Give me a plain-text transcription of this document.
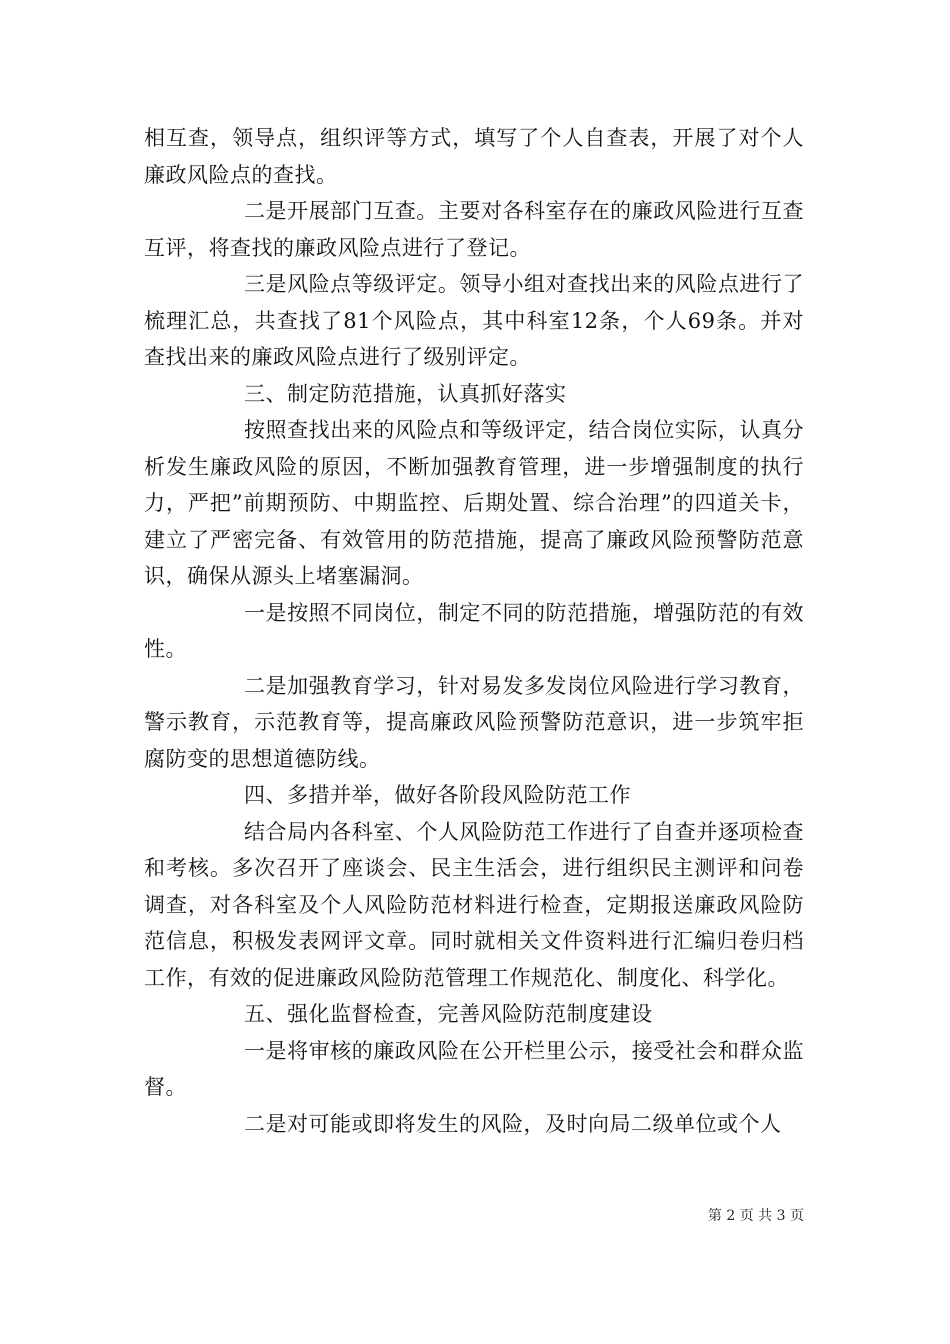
相互查，领导点，组织评等方式，填写了个人自查表，开展了对个人廉政风险点的查找。

二是开展部门互查。主要对各科室存在的廉政风险进行互查互评，将查找的廉政风险点进行了登记。

三是风险点等级评定。领导小组对查找出来的风险点进行了梳理汇总，共查找了81个风险点，其中科室12条，个人69条。并对查找出来的廉政风险点进行了级别评定。

三、制定防范措施，认真抓好落实

按照查找出来的风险点和等级评定，结合岗位实际，认真分析发生廉政风险的原因，不断加强教育管理，进一步增强制度的执行力，严把”前期预防、中期监控、后期处置、综合治理”的四道关卡，建立了严密完备、有效管用的防范措施，提高了廉政风险预警防范意识，确保从源头上堵塞漏洞。

一是按照不同岗位，制定不同的防范措施，增强防范的有效性。

二是加强教育学习，针对易发多发岗位风险进行学习教育，警示教育，示范教育等，提高廉政风险预警防范意识，进一步筑牢拒腐防变的思想道德防线。

四、多措并举，做好各阶段风险防范工作

结合局内各科室、个人风险防范工作进行了自查并逐项检查和考核。多次召开了座谈会、民主生活会，进行组织民主测评和问卷调查，对各科室及个人风险防范材料进行检查，定期报送廉政风险防范信息，积极发表网评文章。同时就相关文件资料进行汇编归卷归档工作，有效的促进廉政风险防范管理工作规范化、制度化、科学化。

五、强化监督检查，完善风险防范制度建设

一是将审核的廉政风险在公开栏里公示，接受社会和群众监督。

二是对可能或即将发生的风险，及时向局二级单位或个人

第 2 页 共 3 页
